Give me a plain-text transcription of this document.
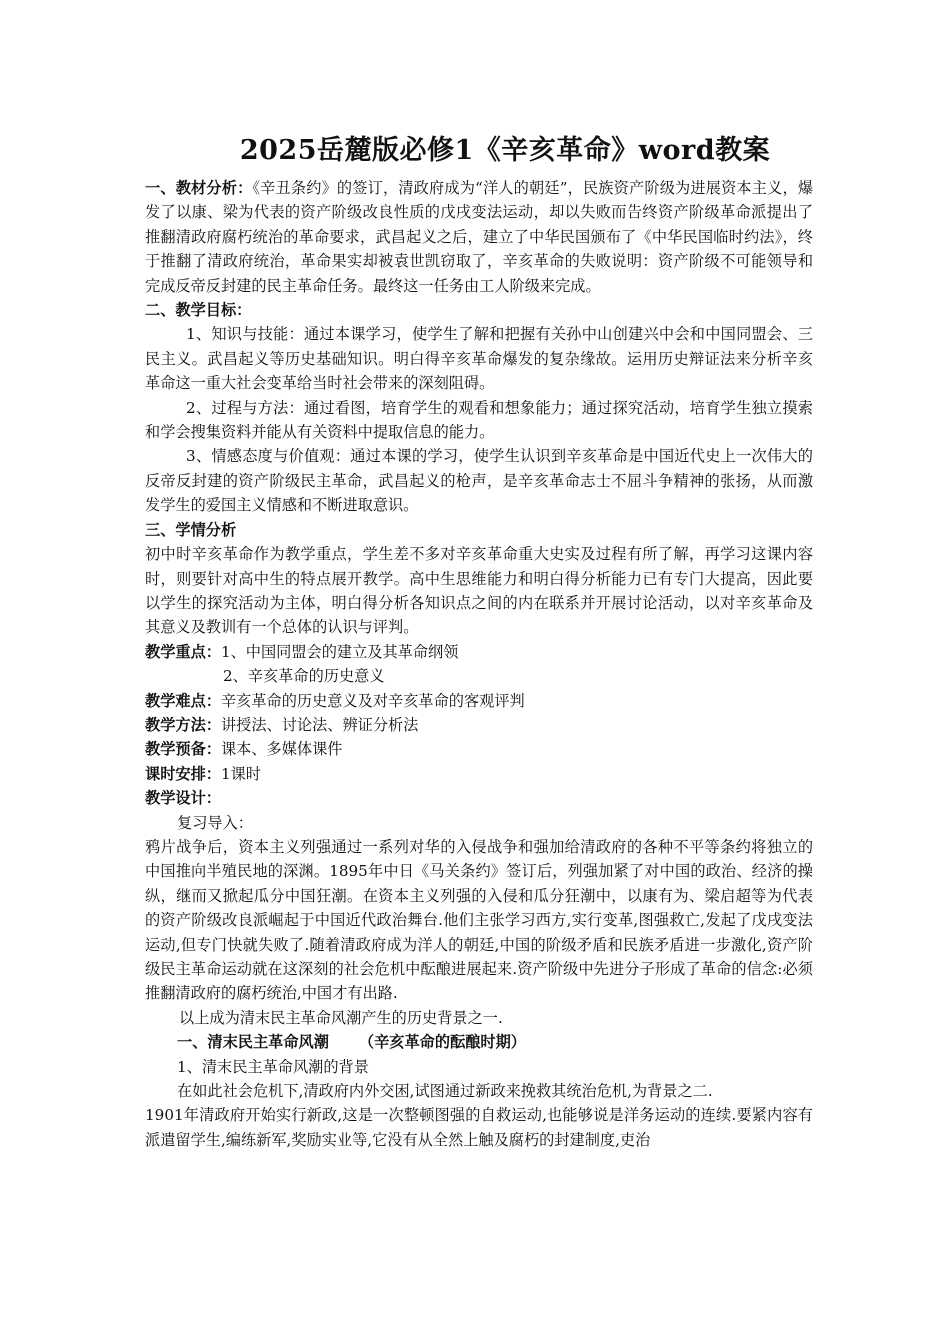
2025岳麓版必修1《辛亥革命》word教案

一、教材分析：《辛丑条约》的签订，清政府成为“洋人的朝廷”，民族资产阶级为进展资本主义，爆发了以康、梁为代表的资产阶级改良性质的戊戌变法运动，却以失败而告终资产阶级革命派提出了推翻清政府腐朽统治的革命要求，武昌起义之后，建立了中华民国颁布了《中华民国临时约法》，终于推翻了清政府统治，革命果实却被袁世凯窃取了，辛亥革命的失败说明：资产阶级不可能领导和完成反帝反封建的民主革命任务。最终这一任务由工人阶级来完成。

二、教学目标：

1、知识与技能：通过本课学习，使学生了解和把握有关孙中山创建兴中会和中国同盟会、三民主义。武昌起义等历史基础知识。明白得辛亥革命爆发的复杂缘故。运用历史辩证法来分析辛亥革命这一重大社会变革给当时社会带来的深刻阻碍。

2、过程与方法：通过看图，培育学生的观看和想象能力；通过探究活动，培育学生独立摸索和学会搜集资料并能从有关资料中提取信息的能力。

3、情感态度与价值观：通过本课的学习，使学生认识到辛亥革命是中国近代史上一次伟大的反帝反封建的资产阶级民主革命，武昌起义的枪声，是辛亥革命志士不屈斗争精神的张扬，从而激发学生的爱国主义情感和不断进取意识。

三、学情分析

初中时辛亥革命作为教学重点，学生差不多对辛亥革命重大史实及过程有所了解，再学习这课内容时，则要针对高中生的特点展开教学。高中生思维能力和明白得分析能力已有专门大提高，因此要以学生的探究活动为主体，明白得分析各知识点之间的内在联系并开展讨论活动，以对辛亥革命及其意义及教训有一个总体的认识与评判。

教学重点：1、中国同盟会的建立及其革命纲领

2、辛亥革命的历史意义

教学难点：辛亥革命的历史意义及对辛亥革命的客观评判

教学方法：讲授法、讨论法、辨证分析法

教学预备：课本、多媒体课件

课时安排：1课时

教学设计：

复习导入：

鸦片战争后，资本主义列强通过一系列对华的入侵战争和强加给清政府的各种不平等条约将独立的中国推向半殖民地的深渊。1895年中日《马关条约》签订后，列强加紧了对中国的政治、经济的操纵，继而又掀起瓜分中国狂潮。在资本主义列强的入侵和瓜分狂潮中，以康有为、梁启超等为代表的资产阶级改良派崛起于中国近代政治舞台.他们主张学习西方,实行变革,图强救亡,发起了戊戌变法运动,但专门快就失败了.随着清政府成为洋人的朝廷,中国的阶级矛盾和民族矛盾进一步激化,资产阶级民主革命运动就在这深刻的社会危机中酝酿进展起来.资产阶级中先进分子形成了革命的信念:必须推翻清政府的腐朽统治,中国才有出路.

以上成为清末民主革命风潮产生的历史背景之一.

一、清末民主革命风潮 （辛亥革命的酝酿时期）

1、清末民主革命风潮的背景

在如此社会危机下,清政府内外交困,试图通过新政来挽救其统治危机,为背景之二.

1901年清政府开始实行新政,这是一次整顿图强的自救运动,也能够说是洋务运动的连续.要紧内容有派遣留学生,编练新军,奖励实业等,它没有从全然上触及腐朽的封建制度,吏治
